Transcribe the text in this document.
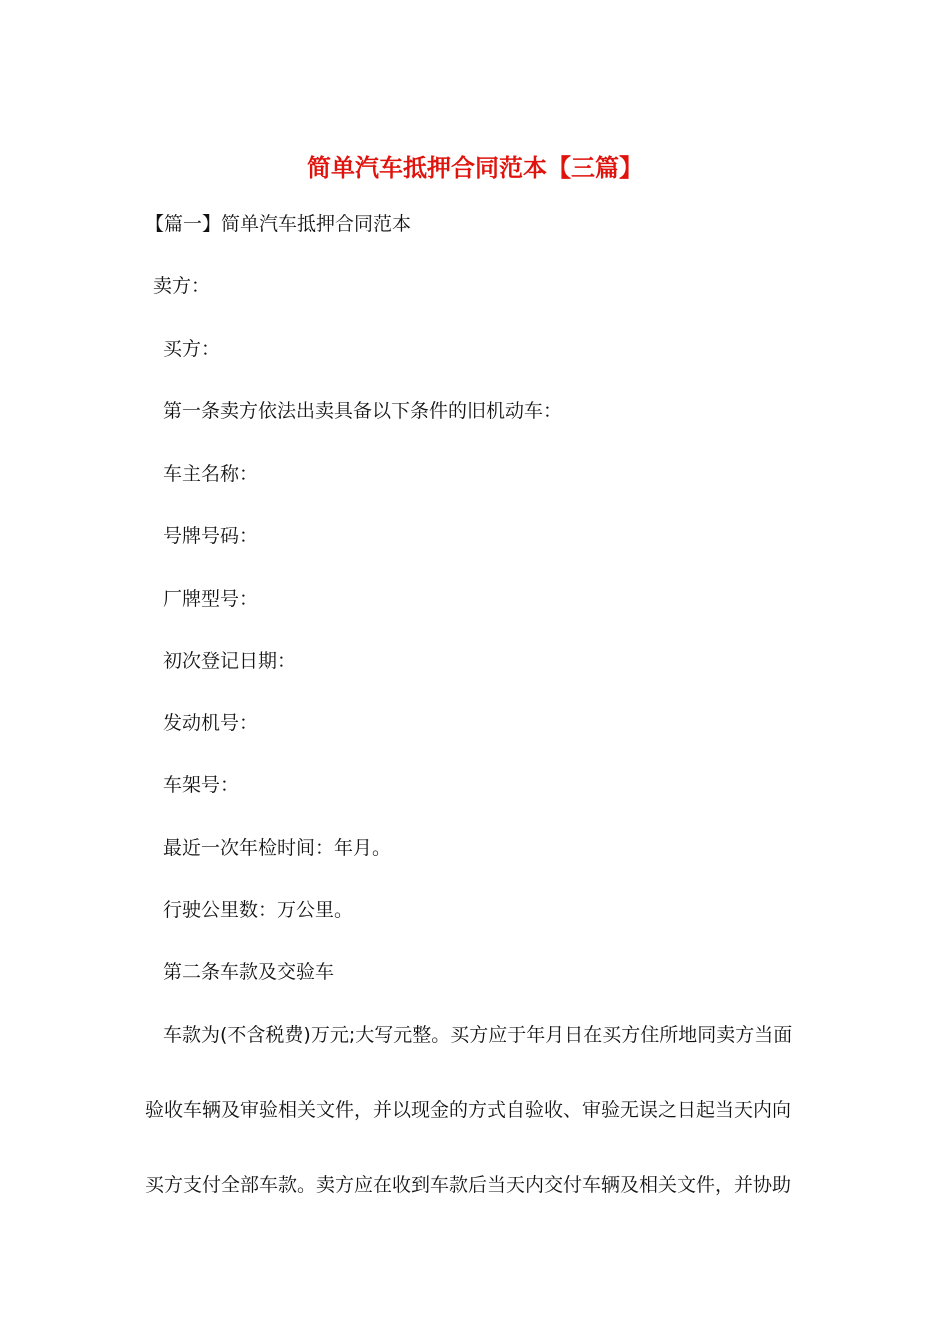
简单汽车抵押合同范本【三篇】

【篇一】简单汽车抵押合同范本

卖方：

买方：

第一条卖方依法出卖具备以下条件的旧机动车：

车主名称：

号牌号码：

厂牌型号：

初次登记日期：

发动机号：

车架号：

最近一次年检时间：年月。

行驶公里数：万公里。

第二条车款及交验车

车款为(不含税费)万元;大写元整。买方应于年月日在买方住所地同卖方当面

验收车辆及审验相关文件，并以现金的方式自验收、审验无误之日起当天内向

买方支付全部车款。卖方应在收到车款后当天内交付车辆及相关文件，并协助
